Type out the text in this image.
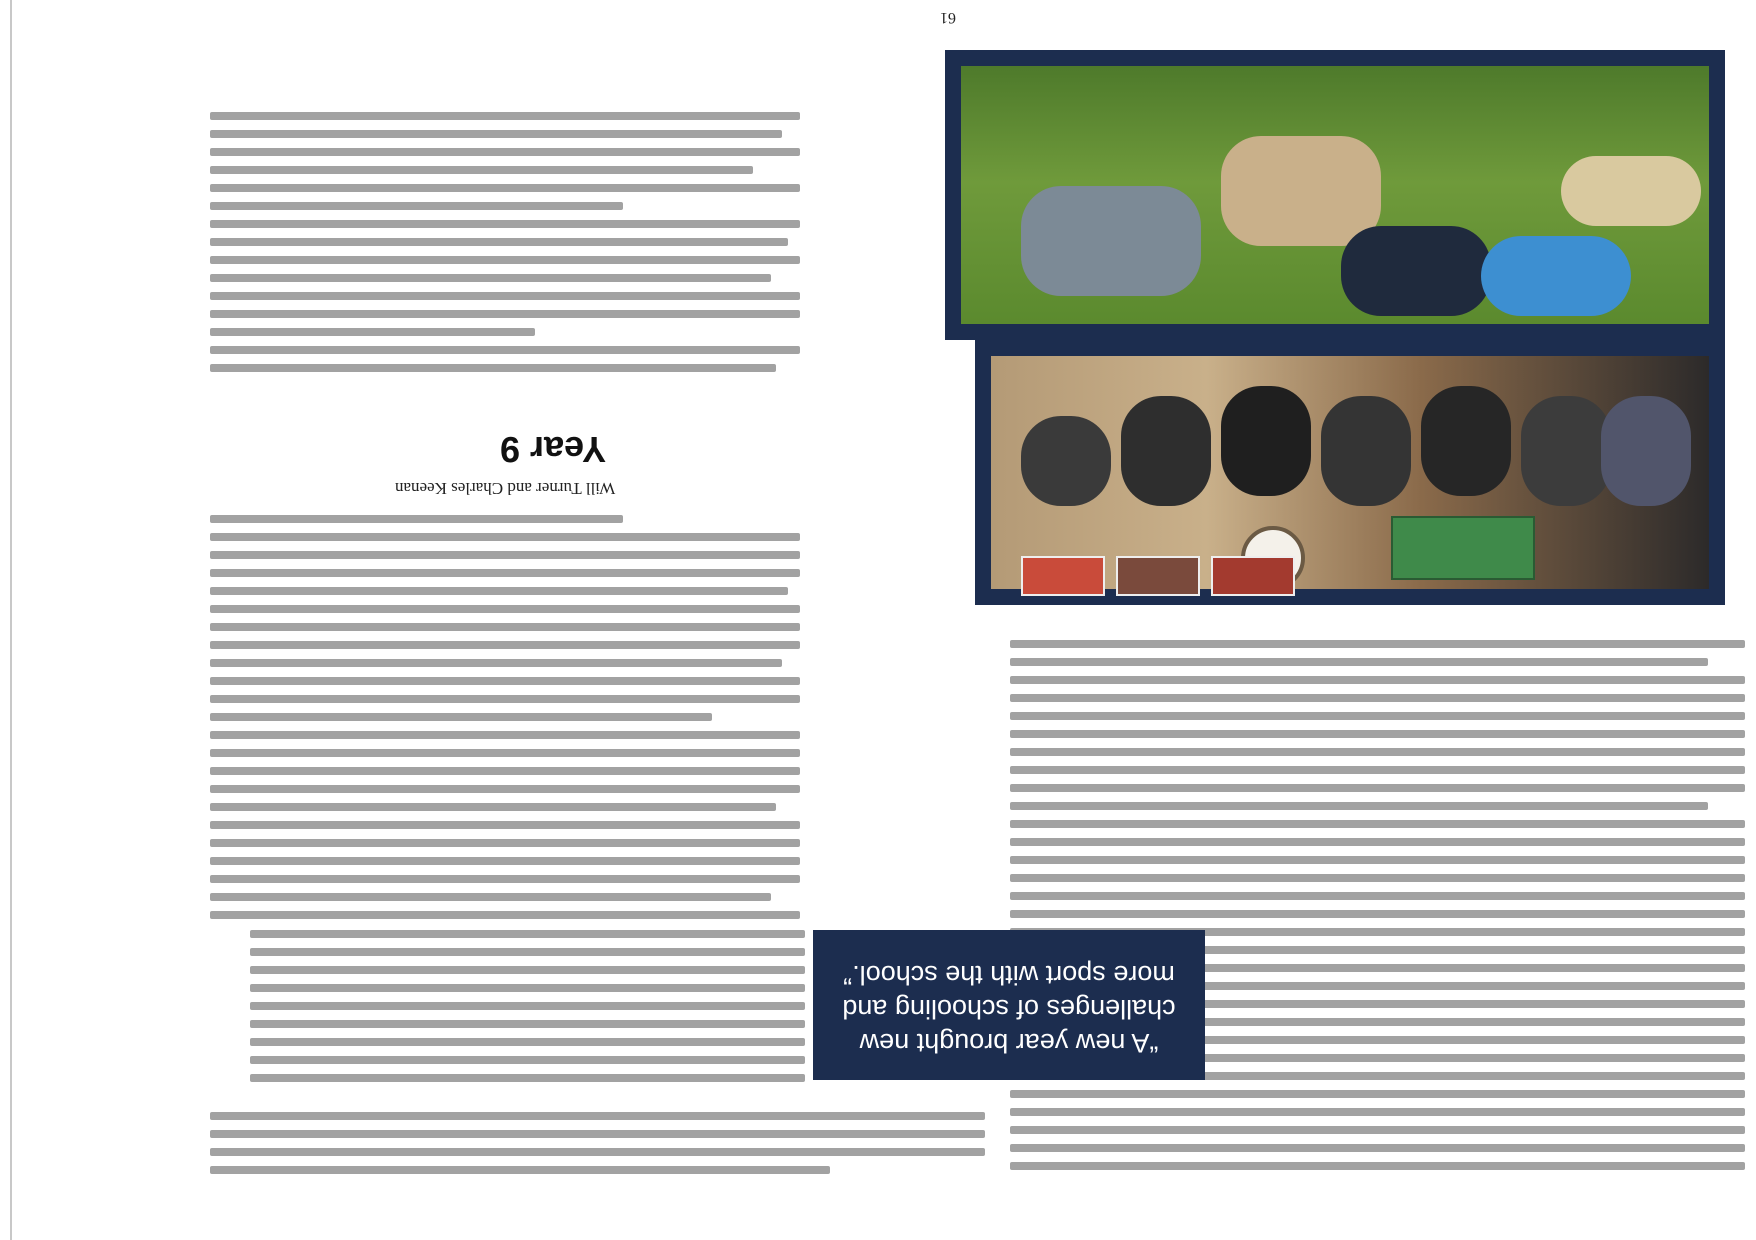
61
Year 9
Will Turner and Charles Keenan
“A new year brought new challenges of schooling and more sport with the school.”
